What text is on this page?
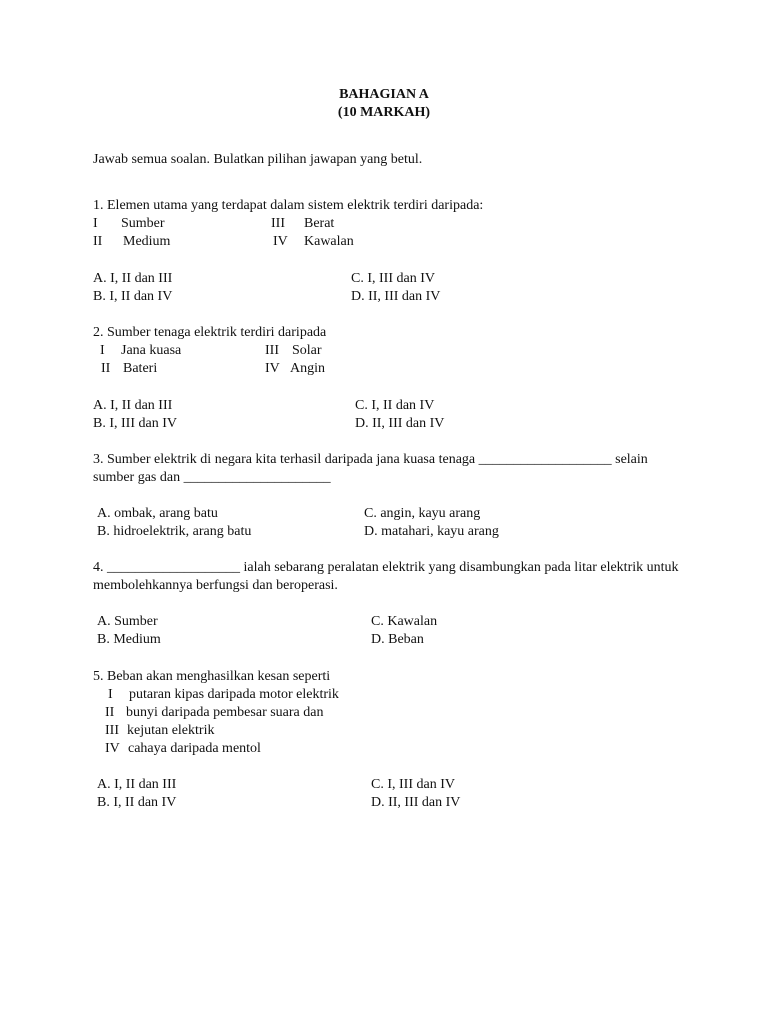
BAHAGIAN A
(10 MARKAH)
Jawab semua soalan. Bulatkan pilihan jawapan yang betul.
1. Elemen utama yang terdapat dalam sistem elektrik terdiri daripada:
I Sumber
II Medium
III Berat
IV Kawalan
A. I, II dan III
B. I, II dan IV
C. I, III dan IV
D. II, III dan IV
2. Sumber tenaga elektrik terdiri daripada
I Jana kuasa
II Bateri
III Solar
IV Angin
A. I, II dan III
B. I, III dan IV
C. I, II dan IV
D. II, III dan IV
3. Sumber elektrik di negara kita terhasil daripada jana kuasa tenaga ___________________ selain
sumber gas dan _____________________
A. ombak, arang batu
B. hidroelektrik, arang batu
C. angin, kayu arang
D. matahari, kayu arang
4. ___________________ ialah sebarang peralatan elektrik yang disambungkan pada litar elektrik untuk
membolehkannya berfungsi dan beroperasi.
A. Sumber
B. Medium
C. Kawalan
D. Beban
5. Beban akan menghasilkan kesan seperti
I putaran kipas daripada motor elektrik
II bunyi daripada pembesar suara dan
III kejutan elektrik
IV cahaya daripada mentol
A. I, II dan III
B. I, II dan IV
C. I, III dan IV
D. II, III dan IV
